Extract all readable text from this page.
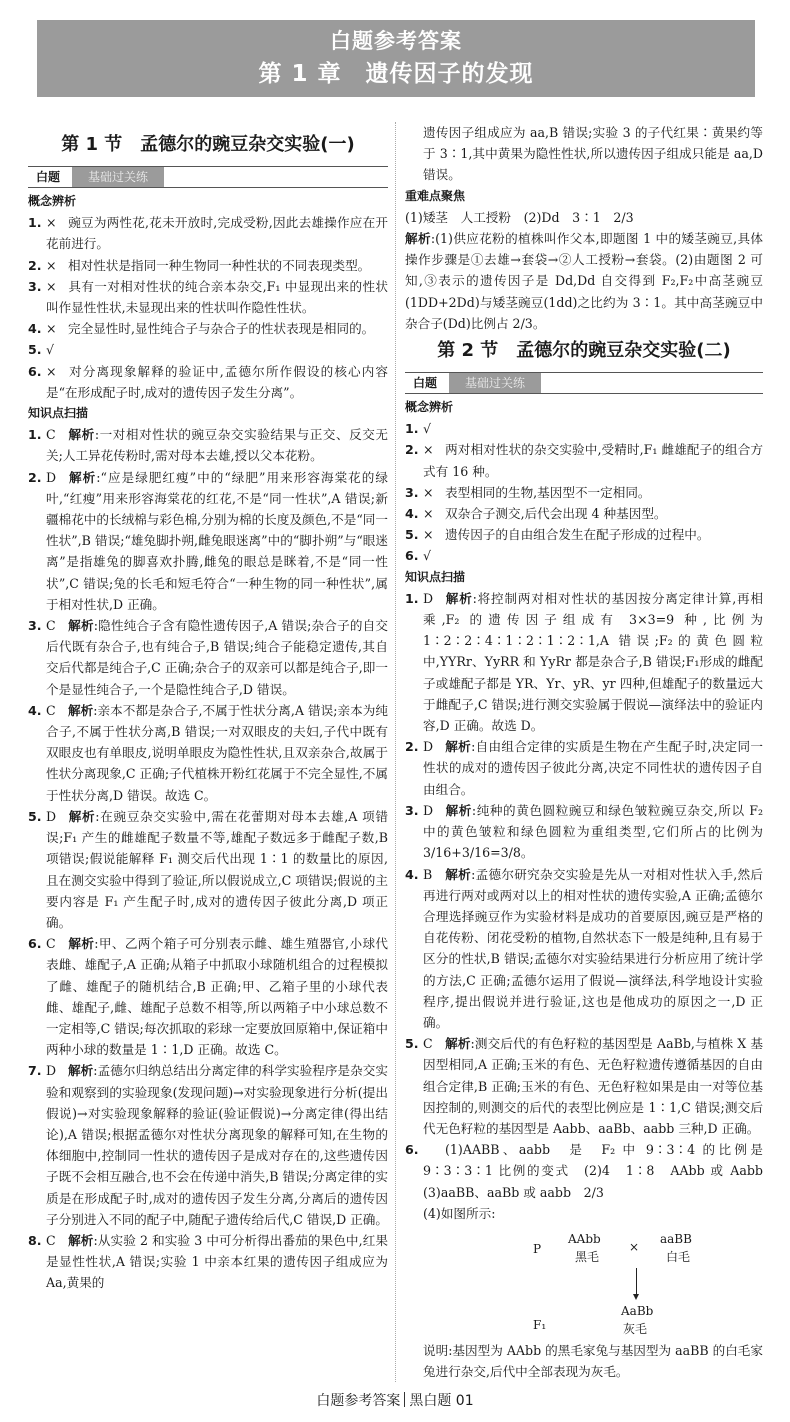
白题参考答案
第 1 章　遗传因子的发现
第 1 节　孟德尔的豌豆杂交实验(一)
白题	基础过关练
概念辨析
1. × 豌豆为两性花,花未开放时,完成受粉,因此去雄操作应在开花前进行。
2. × 相对性状是指同一种生物同一种性状的不同表现类型。
3. × 具有一对相对性状的纯合亲本杂交,F₁ 中显现出来的性状叫作显性性状,未显现出来的性状叫作隐性性状。
4. × 完全显性时,显性纯合子与杂合子的性状表现是相同的。
5. √
6. × 对分离现象解释的验证中,孟德尔所作假设的核心内容是“在形成配子时,成对的遗传因子发生分离”。
知识点扫描
1. C 解析:一对相对性状的豌豆杂交实验结果与正交、反交无关;人工异花传粉时,需对母本去雄,授以父本花粉。
2. D 解析:“应是绿肥红瘦”中的“绿肥”用来形容海棠花的绿叶,“红瘦”用来形容海棠花的红花,不是“同一性状”,A 错误;新疆棉花中的长绒棉与彩色棉,分别为棉的长度及颜色,不是“同一性状”,B 错误;“雄兔脚扑朔,雌兔眼迷离”中的“脚扑朔”与“眼迷离”是指雄兔的脚喜欢扑腾,雌兔的眼总是眯着,不是“同一性状”,C 错误;兔的长毛和短毛符合“一种生物的同一种性状”,属于相对性状,D 正确。
3. C 解析:隐性纯合子含有隐性遗传因子,A 错误;杂合子的自交后代既有杂合子,也有纯合子,B 错误;纯合子能稳定遗传,其自交后代都是纯合子,C 正确;杂合子的双亲可以都是纯合子,即一个是显性纯合子,一个是隐性纯合子,D 错误。
4. C 解析:亲本不都是杂合子,不属于性状分离,A 错误;亲本为纯合子,不属于性状分离,B 错误;一对双眼皮的夫妇,子代中既有双眼皮也有单眼皮,说明单眼皮为隐性性状,且双亲杂合,故属于性状分离现象,C 正确;子代植株开粉红花属于不完全显性,不属于性状分离,D 错误。故选 C。
5. D 解析:在豌豆杂交实验中,需在花蕾期对母本去雄,A 项错误;F₁ 产生的雌雄配子数量不等,雄配子数远多于雌配子数,B 项错误;假说能解释 F₁ 测交后代出现 1∶1 的数量比的原因,且在测交实验中得到了验证,所以假说成立,C 项错误;假说的主要内容是 F₁ 产生配子时,成对的遗传因子彼此分离,D 项正确。
6. C 解析:甲、乙两个箱子可分别表示雌、雄生殖器官,小球代表雌、雄配子,A 正确;从箱子中抓取小球随机组合的过程模拟了雌、雄配子的随机结合,B 正确;甲、乙箱子里的小球代表雌、雄配子,雌、雄配子总数不相等,所以两箱子中小球总数不一定相等,C 错误;每次抓取的彩球一定要放回原箱中,保证箱中两种小球的数量是 1∶1,D 正确。故选 C。
7. D 解析:孟德尔归纳总结出分离定律的科学实验程序是杂交实验和观察到的实验现象(发现问题)→对实验现象进行分析(提出假说)→对实验现象解释的验证(验证假说)→分离定律(得出结论),A 错误;根据孟德尔对性状分离现象的解释可知,在生物的体细胞中,控制同一性状的遗传因子是成对存在的,这些遗传因子既不会相互融合,也不会在传递中消失,B 错误;分离定律的实质是在形成配子时,成对的遗传因子发生分离,分离后的遗传因子分别进入不同的配子中,随配子遗传给后代,C 错误,D 正确。
8. C 解析:从实验 2 和实验 3 中可分析得出番茄的果色中,红果是显性性状,A 错误;实验 1 中亲本红果的遗传因子组成应为 Aa,黄果的
遗传因子组成应为 aa,B 错误;实验 3 的子代红果∶黄果约等于 3∶1,其中黄果为隐性性状,所以遗传因子组成只能是 aa,D 错误。
重难点聚焦
(1)矮茎　人工授粉　(2)Dd　3∶1　2/3
解析:(1)供应花粉的植株叫作父本,即题图 1 中的矮茎豌豆,具体操作步骤是①去雄→套袋→②人工授粉→套袋。(2)由题图 2 可知,③表示的遗传因子是 Dd,Dd 自交得到 F₂,F₂中高茎豌豆(1DD+2Dd)与矮茎豌豆(1dd)之比约为 3∶1。其中高茎豌豆中杂合子(Dd)比例占 2/3。
第 2 节　孟德尔的豌豆杂交实验(二)
白题	基础过关练
概念辨析
1. √
2. × 两对相对性状的杂交实验中,受精时,F₁ 雌雄配子的组合方式有 16 种。
3. × 表型相同的生物,基因型不一定相同。
4. × 双杂合子测交,后代会出现 4 种基因型。
5. × 遗传因子的自由组合发生在配子形成的过程中。
6. √
知识点扫描
1. D 解析:将控制两对相对性状的基因按分离定律计算,再相乘,F₂ 的遗传因子组成有 3×3=9 种,比例为 1∶2∶2∶4∶1∶2∶1∶2∶1,A 错误;F₂的黄色圆粒中,YYRr、YyRR 和 YyRr 都是杂合子,B 错误;F₁形成的雌配子或雄配子都是 YR、Yr、yR、yr 四种,但雄配子的数量远大于雌配子,C 错误;进行测交实验属于假说—演绎法中的验证内容,D 正确。故选 D。
2. D 解析:自由组合定律的实质是生物在产生配子时,决定同一性状的成对的遗传因子彼此分离,决定不同性状的遗传因子自由组合。
3. D 解析:纯种的黄色圆粒豌豆和绿色皱粒豌豆杂交,所以 F₂ 中的黄色皱粒和绿色圆粒为重组类型,它们所占的比例为 3/16+3/16=3/8。
4. B 解析:孟德尔研究杂交实验是先从一对相对性状入手,然后再进行两对或两对以上的相对性状的遗传实验,A 正确;孟德尔合理选择豌豆作为实验材料是成功的首要原因,豌豆是严格的自花传粉、闭花受粉的植物,自然状态下一般是纯种,且有易于区分的性状,B 错误;孟德尔对实验结果进行分析应用了统计学的方法,C 正确;孟德尔运用了假说—演绎法,科学地设计实验程序,提出假说并进行验证,这也是他成功的原因之一,D 正确。
5. C 解析:测交后代的有色籽粒的基因型是 AaBb,与植株 X 基因型相同,A 正确;玉米的有色、无色籽粒遗传遵循基因的自由组合定律,B 正确;玉米的有色、无色籽粒如果是由一对等位基因控制的,则测交的后代的表型比例应是 1∶1,C 错误;测交后代无色籽粒的基因型是 Aabb、aaBb、aabb 三种,D 正确。
6. (1)AABB、aabb　是　F₂ 中 9∶3∶4 的比例是 9∶3∶3∶1 比例的变式　(2)4　1∶8　AAbb 或 Aabb　(3)aaBB、aaBb 或 aabb　2/3
(4)如图所示:
P
AAbb
黑毛
×
aaBB
白毛
F₁
AaBb
灰毛
说明:基因型为 AAbb 的黑毛家兔与基因型为 aaBB 的白毛家兔进行杂交,后代中全部表现为灰毛。
白题参考答案 黑白题 01
